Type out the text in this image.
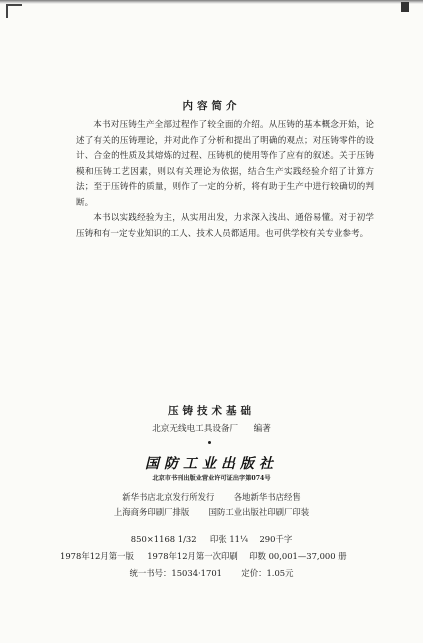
内容简介

本书对压铸生产全部过程作了较全面的介绍。从压铸的基本概念开始，论述了有关的压铸理论，并对此作了分析和提出了明确的观点；对压铸零件的设计、合金的性质及其熔炼的过程、压铸机的使用等作了应有的叙述。关于压铸模和压铸工艺因素，则以有关理论为依据，结合生产实践经验介绍了计算方法；至于压铸件的质量，则作了一定的分析，将有助于生产中进行较确切的判断。

本书以实践经验为主，从实用出发，力求深入浅出、通俗易懂。对于初学压铸和有一定专业知识的工人、技术人员都适用。也可供学校有关专业参考。

压铸技术基础
北京无线电工具设备厂 编著
国防工业出版社
北京市书刊出版业营业许可证出字第074号
新华书店北京发行所发行 各地新华书店经售
上海商务印刷厂排版 国防工业出版社印刷厂印装
850×1168 1/32 印张 11¼ 290千字
1978年12月第一版 1978年12月第一次印刷 印数 00,001—37,000 册
统一书号：15034·1701 定价：1.05元
